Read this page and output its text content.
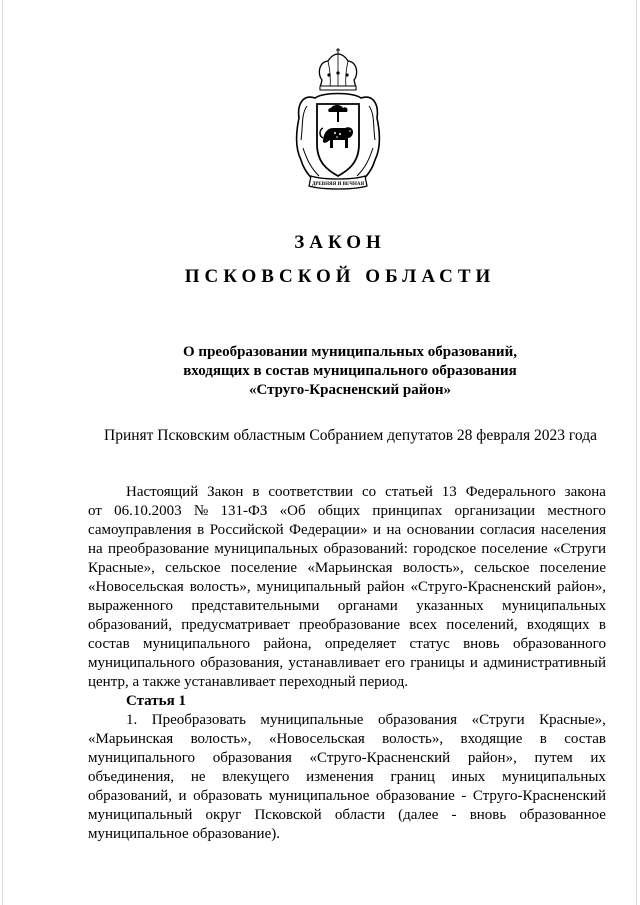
ДРЕВНЯЯ И ВЕЧНАЯ
ЗАКОН
ПСКОВСКОЙ ОБЛАСТИ
О преобразовании муниципальных образований,
входящих в состав муниципального образования
«Струго-Красненский район»
Принят Псковским областным Собранием депутатов 28 февраля 2023 года
Настоящий Закон в соответствии со статьей 13 Федерального закона
от 06.10.2003 № 131-ФЗ «Об общих принципах организации местного
самоуправления в Российской Федерации» и на основании согласия населения
на преобразование муниципальных образований: городское поселение «Струги
Красные», сельское поселение «Марьинская волость», сельское поселение
«Новосельская волость», муниципальный район «Струго-Красненский район»,
выраженного представительными органами указанных муниципальных
образований, предусматривает преобразование всех поселений, входящих в
состав муниципального района, определяет статус вновь образованного
муниципального образования, устанавливает его границы и административный
центр, а также устанавливает переходный период.
Статья 1
1. Преобразовать муниципальные образования «Струги Красные»,
«Марьинская волость», «Новосельская волость», входящие в состав
муниципального образования «Струго-Красненский район», путем их
объединения, не влекущего изменения границ иных муниципальных
образований, и образовать муниципальное образование - Струго-Красненский
муниципальный округ Псковской области (далее - вновь образованное
муниципальное образование).
